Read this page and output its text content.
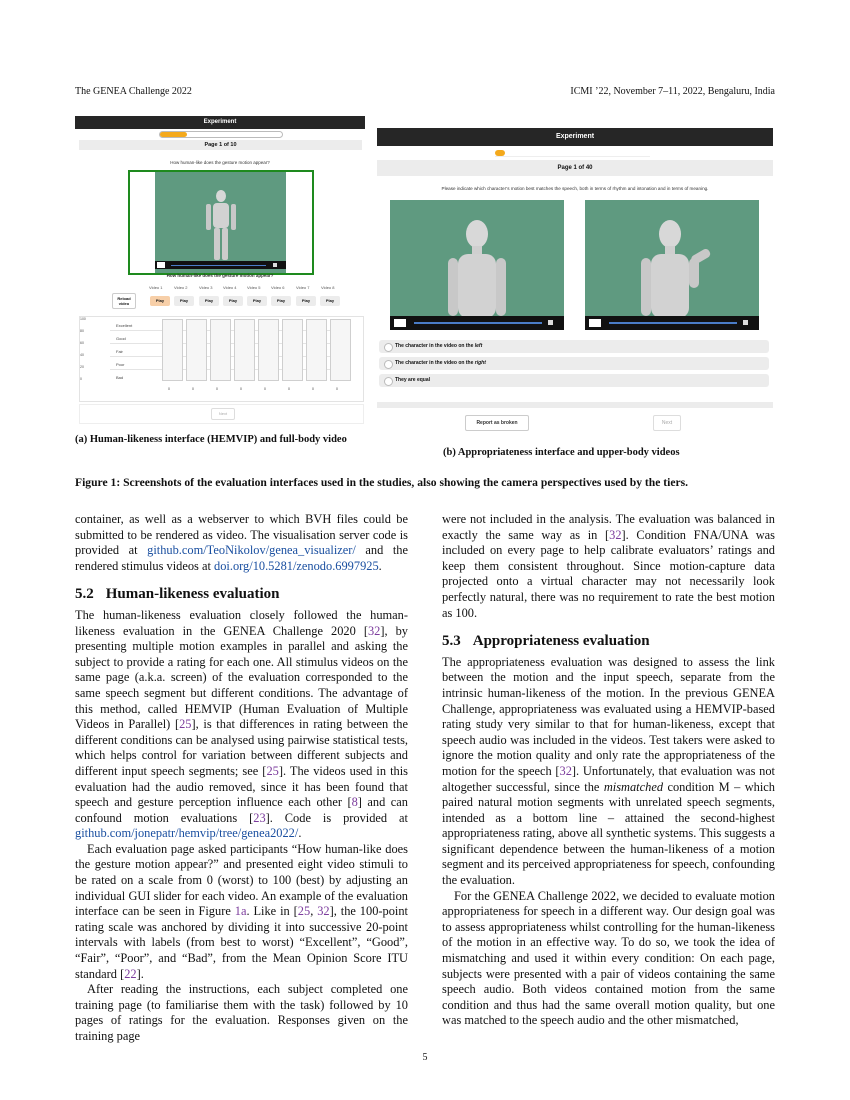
The GENEA Challenge 2022	ICMI ’22, November 7–11, 2022, Bengaluru, India
Experiment
Page 1 of 10
How human-like does the gesture motion appear?
How human-like does the gesture motion appear?
Video 1	Video 2	Video 3	Video 4	Video 5	Video 6	Video 7	Video 8
Reload video
Play	Play	Play	Play	Play	Play	Play	Play
100
80
60
40
20
0
Excellent
Good
Fair
Poor
Bad
0	0	0	0	0	0	0	0
Next
(a) Human-likeness interface (HEMVIP) and full-body video
Experiment
Page 1 of 40
Please indicate which character’s motion best matches the speech, both in terms of rhythm and intonation and in terms of meaning.
The character in the video on the left
The character in the video on the right
They are equal
Report as broken	Next
(b) Appropriateness interface and upper-body videos
Figure 1: Screenshots of the evaluation interfaces used in the studies, also showing the camera perspectives used by the tiers.

container, as well as a webserver to which BVH files could be submitted to be rendered as video. The visualisation server code is provided at github.com/TeoNikolov/genea_visualizer/ and the rendered stimulus videos at doi.org/10.5281/zenodo.6997925.

5.2 Human-likeness evaluation

The human-likeness evaluation closely followed the human-likeness evaluation in the GENEA Challenge 2020 [32], by presenting multiple motion examples in parallel and asking the subject to provide a rating for each one. All stimulus videos on the same page (a.k.a. screen) of the evaluation corresponded to the same speech segment but different conditions. The advantage of this method, called HEMVIP (Human Evaluation of Multiple Videos in Parallel) [25], is that differences in rating between the different conditions can be analysed using pairwise statistical tests, which helps control for variation between different subjects and different input speech segments; see [25]. The videos used in this evaluation had the audio removed, since it has been found that speech and gesture perception influence each other [8] and can confound motion evaluations [23]. Code is provided at github.com/jonepatr/hemvip/tree/genea2022/.

Each evaluation page asked participants “How human-like does the gesture motion appear?” and presented eight video stimuli to be rated on a scale from 0 (worst) to 100 (best) by adjusting an individual GUI slider for each video. An example of the evaluation interface can be seen in Figure 1a. Like in [25, 32], the 100-point rating scale was anchored by dividing it into successive 20-point intervals with labels (from best to worst) “Excellent”, “Good”, “Fair”, “Poor”, and “Bad”, from the Mean Opinion Score ITU standard [22].

After reading the instructions, each subject completed one training page (to familiarise them with the task) followed by 10 pages of ratings for the evaluation. Responses given on the training page

were not included in the analysis. The evaluation was balanced in exactly the same way as in [32]. Condition FNA/UNA was included on every page to help calibrate evaluators’ ratings and keep them consistent throughout. Since motion-capture data projected onto a virtual character may not necessarily look perfectly natural, there was no requirement to rate the best motion as 100.

5.3 Appropriateness evaluation

The appropriateness evaluation was designed to assess the link between the motion and the input speech, separate from the intrinsic human-likeness of the motion. In the previous GENEA Challenge, appropriateness was evaluated using a HEMVIP-based rating study very similar to that for human-likeness, except that speech audio was included in the videos. Test takers were asked to ignore the motion quality and only rate the appropriateness of the motion for the speech [32]. Unfortunately, that evaluation was not altogether successful, since the mismatched condition M – which paired natural motion segments with unrelated speech segments, intended as a bottom line – attained the second-highest appropriateness rating, above all synthetic systems. This suggests a significant dependence between the human-likeness of a motion segment and its perceived appropriateness for speech, confounding the evaluation.

For the GENEA Challenge 2022, we decided to evaluate motion appropriateness for speech in a different way. Our design goal was to assess appropriateness whilst controlling for the human-likeness of the motion in an effective way. To do so, we took the idea of mismatching and used it within every condition: On each page, subjects were presented with a pair of videos containing the same speech audio. Both videos contained motion from the same condition and thus had the same overall motion quality, but one was matched to the speech audio and the other mismatched,

5
